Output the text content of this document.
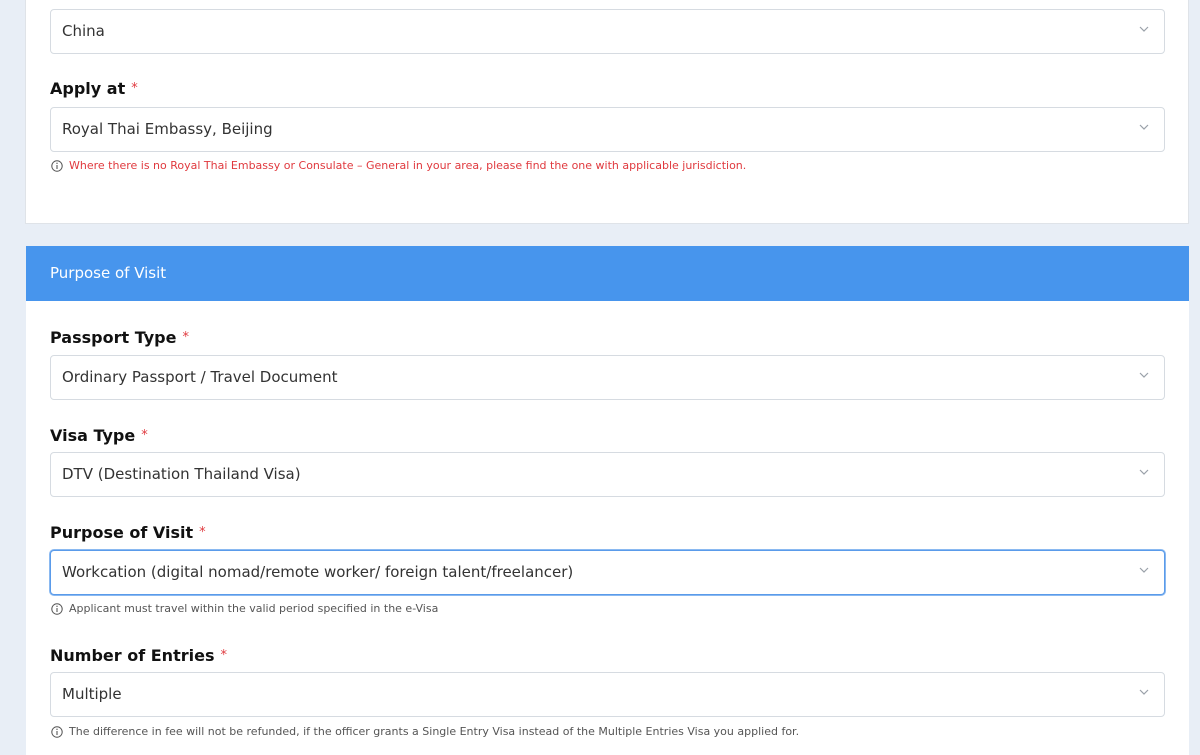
China
Apply at *
Royal Thai Embassy, Beijing
Where there is no Royal Thai Embassy or Consulate – General in your area, please find the one with applicable jurisdiction.
Purpose of Visit
Passport Type *
Ordinary Passport / Travel Document
Visa Type *
DTV (Destination Thailand Visa)
Purpose of Visit *
Workcation (digital nomad/remote worker/ foreign talent/freelancer)
Applicant must travel within the valid period specified in the e-Visa
Number of Entries *
Multiple
The difference in fee will not be refunded, if the officer grants a Single Entry Visa instead of the Multiple Entries Visa you applied for.
